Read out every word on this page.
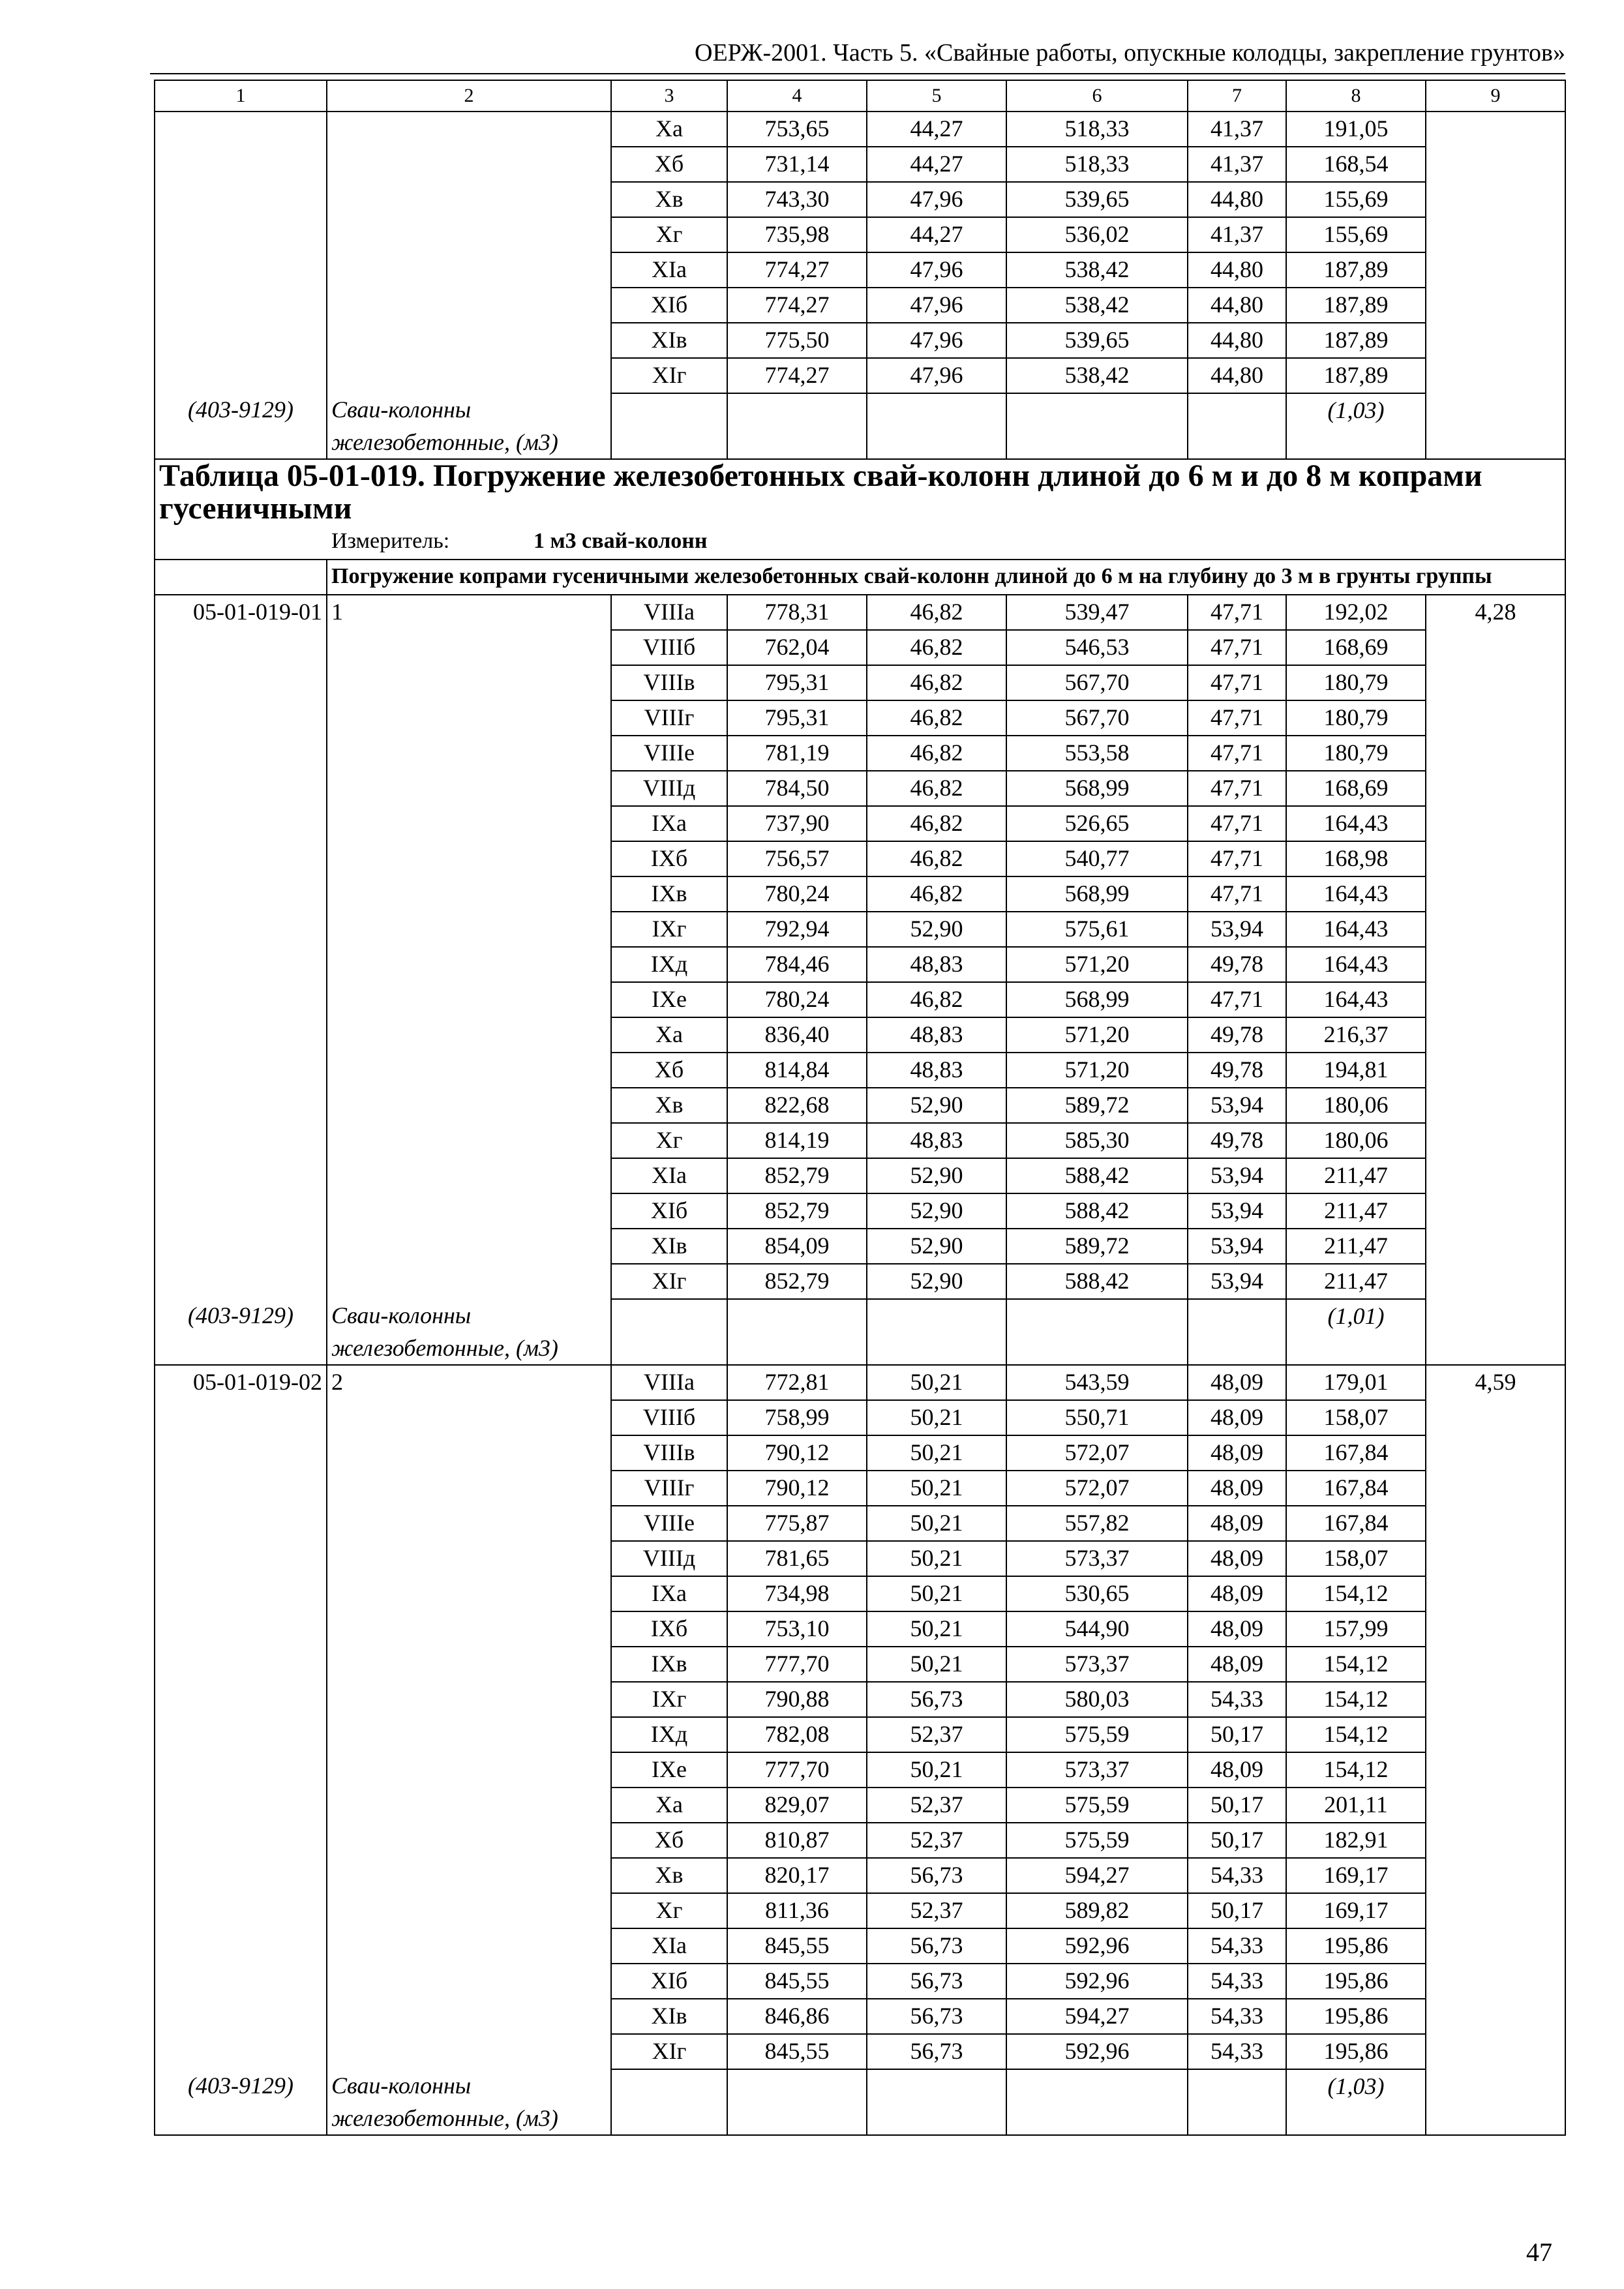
ОЕРЖ-2001. Часть 5. «Свайные работы, опускные колодцы, закрепление грунтов»
1	2	3	4	5	6	7	8	9
		Xa	753,65	44,27	518,33	41,37	191,05	
		Xб	731,14	44,27	518,33	41,37	168,54	
		Xв	743,30	47,96	539,65	44,80	155,69	
		Xг	735,98	44,27	536,02	41,37	155,69	
		XIa	774,27	47,96	538,42	44,80	187,89	
		XIб	774,27	47,96	538,42	44,80	187,89	
		XIв	775,50	47,96	539,65	44,80	187,89	
		XIг	774,27	47,96	538,42	44,80	187,89	
(403-9129)	Сваи-колонны железобетонные, (м3)						(1,03)	
Таблица 05-01-019. Погружение железобетонных свай-колонн длиной до 6 м и до 8 м копрами гусеничными								
Измеритель: 1 м3 свай-колонн								
	Погружение копрами гусеничными железобетонных свай-колонн длиной до 6 м на глубину до 3 м в грунты группы							
05-01-019-01	1	VIIIa	778,31	46,82	539,47	47,71	192,02	4,28
		VIIIб	762,04	46,82	546,53	47,71	168,69	
		VIIIв	795,31	46,82	567,70	47,71	180,79	
		VIIIг	795,31	46,82	567,70	47,71	180,79	
		VIIIe	781,19	46,82	553,58	47,71	180,79	
		VIIIд	784,50	46,82	568,99	47,71	168,69	
		IXa	737,90	46,82	526,65	47,71	164,43	
		IXб	756,57	46,82	540,77	47,71	168,98	
		IXв	780,24	46,82	568,99	47,71	164,43	
		IXг	792,94	52,90	575,61	53,94	164,43	
		IXд	784,46	48,83	571,20	49,78	164,43	
		IXe	780,24	46,82	568,99	47,71	164,43	
		Xa	836,40	48,83	571,20	49,78	216,37	
		Xб	814,84	48,83	571,20	49,78	194,81	
		Xв	822,68	52,90	589,72	53,94	180,06	
		Xг	814,19	48,83	585,30	49,78	180,06	
		XIa	852,79	52,90	588,42	53,94	211,47	
		XIб	852,79	52,90	588,42	53,94	211,47	
		XIв	854,09	52,90	589,72	53,94	211,47	
		XIг	852,79	52,90	588,42	53,94	211,47	
(403-9129)	Сваи-колонны железобетонные, (м3)						(1,01)	
05-01-019-02	2	VIIIa	772,81	50,21	543,59	48,09	179,01	4,59
		VIIIб	758,99	50,21	550,71	48,09	158,07	
		VIIIв	790,12	50,21	572,07	48,09	167,84	
		VIIIг	790,12	50,21	572,07	48,09	167,84	
		VIIIe	775,87	50,21	557,82	48,09	167,84	
		VIIIд	781,65	50,21	573,37	48,09	158,07	
		IXa	734,98	50,21	530,65	48,09	154,12	
		IXб	753,10	50,21	544,90	48,09	157,99	
		IXв	777,70	50,21	573,37	48,09	154,12	
		IXг	790,88	56,73	580,03	54,33	154,12	
		IXд	782,08	52,37	575,59	50,17	154,12	
		IXe	777,70	50,21	573,37	48,09	154,12	
		Xa	829,07	52,37	575,59	50,17	201,11	
		Xб	810,87	52,37	575,59	50,17	182,91	
		Xв	820,17	56,73	594,27	54,33	169,17	
		Xг	811,36	52,37	589,82	50,17	169,17	
		XIa	845,55	56,73	592,96	54,33	195,86	
		XIб	845,55	56,73	592,96	54,33	195,86	
		XIв	846,86	56,73	594,27	54,33	195,86	
		XIг	845,55	56,73	592,96	54,33	195,86	
(403-9129)	Сваи-колонны железобетонные, (м3)						(1,03)	
47
